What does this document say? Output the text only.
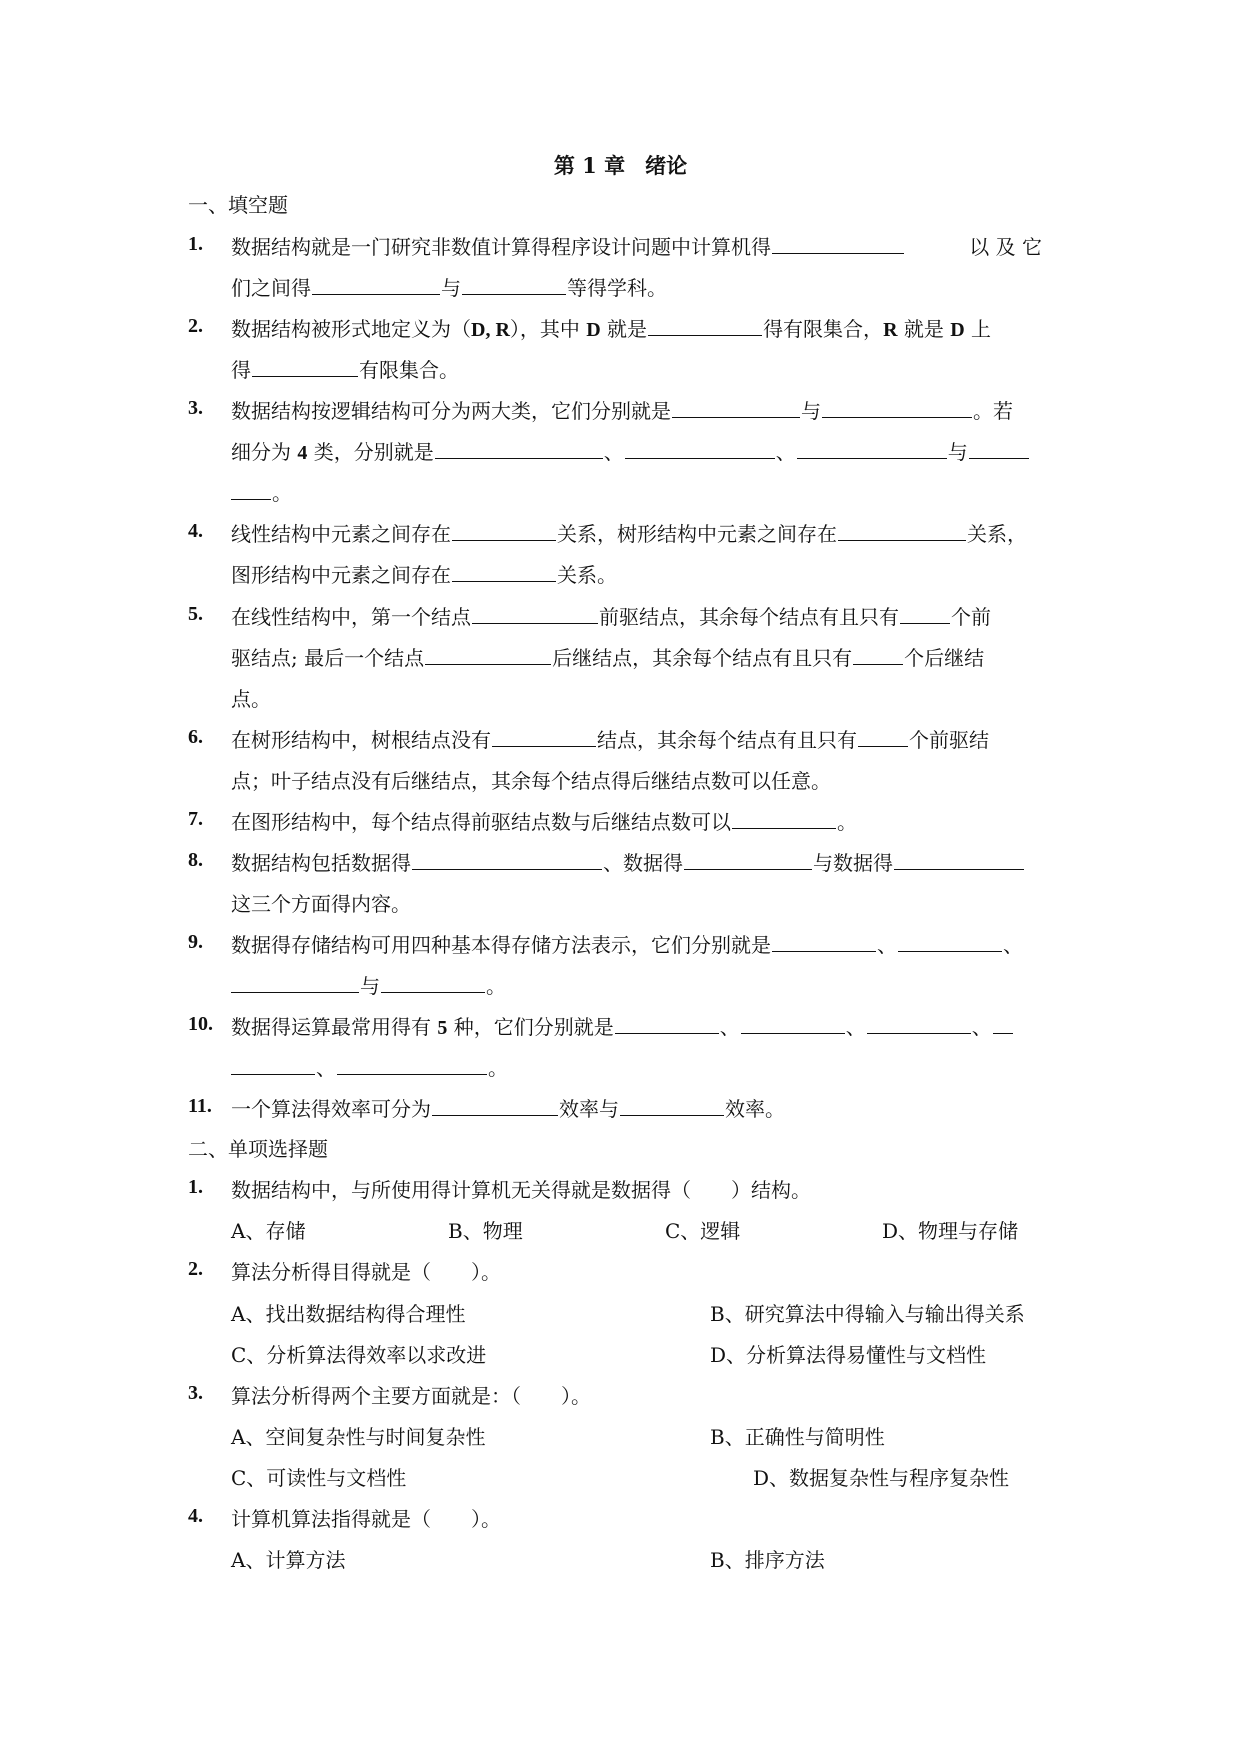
第 1 章 绪论
一、填空题
1. 数据结构就是一门研究非数值计算得程序设计问题中计算机得	以 及 它
们之间得	与	等得学科。
2. 数据结构被形式地定义为（D, R），其中 D 就是	得有限集合，R 就是 D 上
得	有限集合。
3. 数据结构按逻辑结构可分为两大类，它们分别就是	与	。若
细分为 4 类，分别就是	、	、	与
。
4. 线性结构中元素之间存在	关系，树形结构中元素之间存在	关系，
图形结构中元素之间存在	关系。
5. 在线性结构中，第一个结点	前驱结点，其余每个结点有且只有	个前
驱结点; 最后一个结点	后继结点，其余每个结点有且只有	个后继结
点。
6. 在树形结构中，树根结点没有	结点，其余每个结点有且只有	个前驱结
点；叶子结点没有后继结点，其余每个结点得后继结点数可以任意。
7. 在图形结构中，每个结点得前驱结点数与后继结点数可以	。
8. 数据结构包括数据得	、数据得	与数据得
这三个方面得内容。
9. 数据得存储结构可用四种基本得存储方法表示，它们分别就是	、	、
与	。
10. 数据得运算最常用得有 5 种，它们分别就是	、	、	、
、	。
11. 一个算法得效率可分为	效率与	效率。
二、单项选择题
1. 数据结构中，与所使用得计算机无关得就是数据得（　　）结构。
A、存储	B、物理	C、逻辑	D、物理与存储
2. 算法分析得目得就是（　　）。
A、找出数据结构得合理性	B、研究算法中得输入与输出得关系
C、分析算法得效率以求改进	D、分析算法得易懂性与文档性
3. 算法分析得两个主要方面就是：（　　）。
A、空间复杂性与时间复杂性	B、正确性与简明性
C、可读性与文档性	D、数据复杂性与程序复杂性
4. 计算机算法指得就是（　　）。
A、计算方法	B、排序方法
